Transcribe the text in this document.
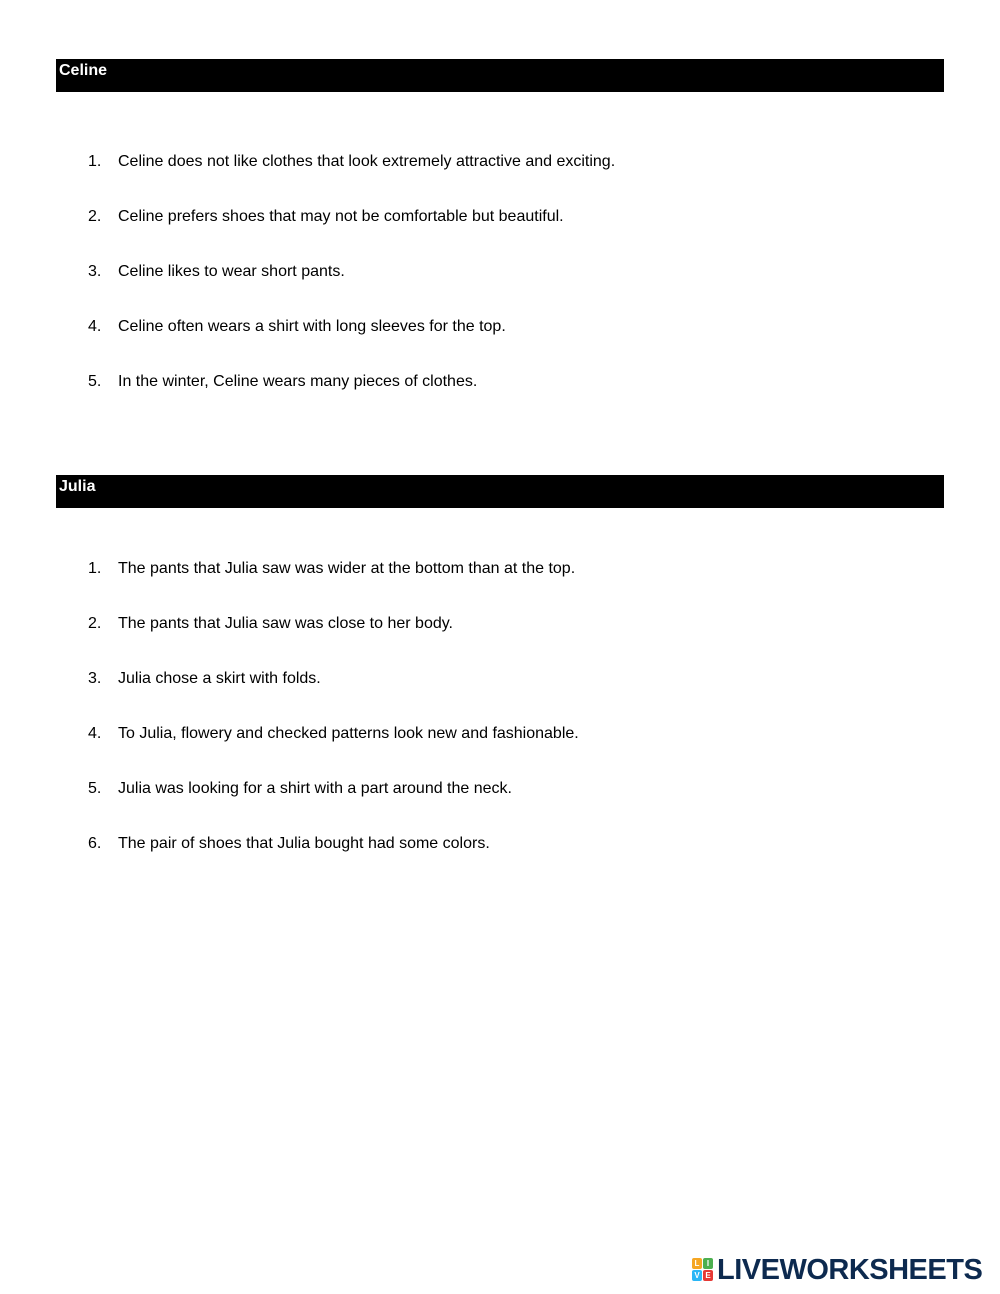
Celine
1. Celine does not like clothes that look extremely attractive and exciting.
2. Celine prefers shoes that may not be comfortable but beautiful.
3. Celine likes to wear short pants.
4. Celine often wears a shirt with long sleeves for the top.
5. In the winter, Celine wears many pieces of clothes.
Julia
1. The pants that Julia saw was wider at the bottom than at the top.
2. The pants that Julia saw was close to her body.
3. Julia chose a skirt with folds.
4. To Julia, flowery and checked patterns look new and fashionable.
5. Julia was looking for a shirt with a part around the neck.
6. The pair of shoes that Julia bought had some colors.
L I
V E LIVEWORKSHEETS
